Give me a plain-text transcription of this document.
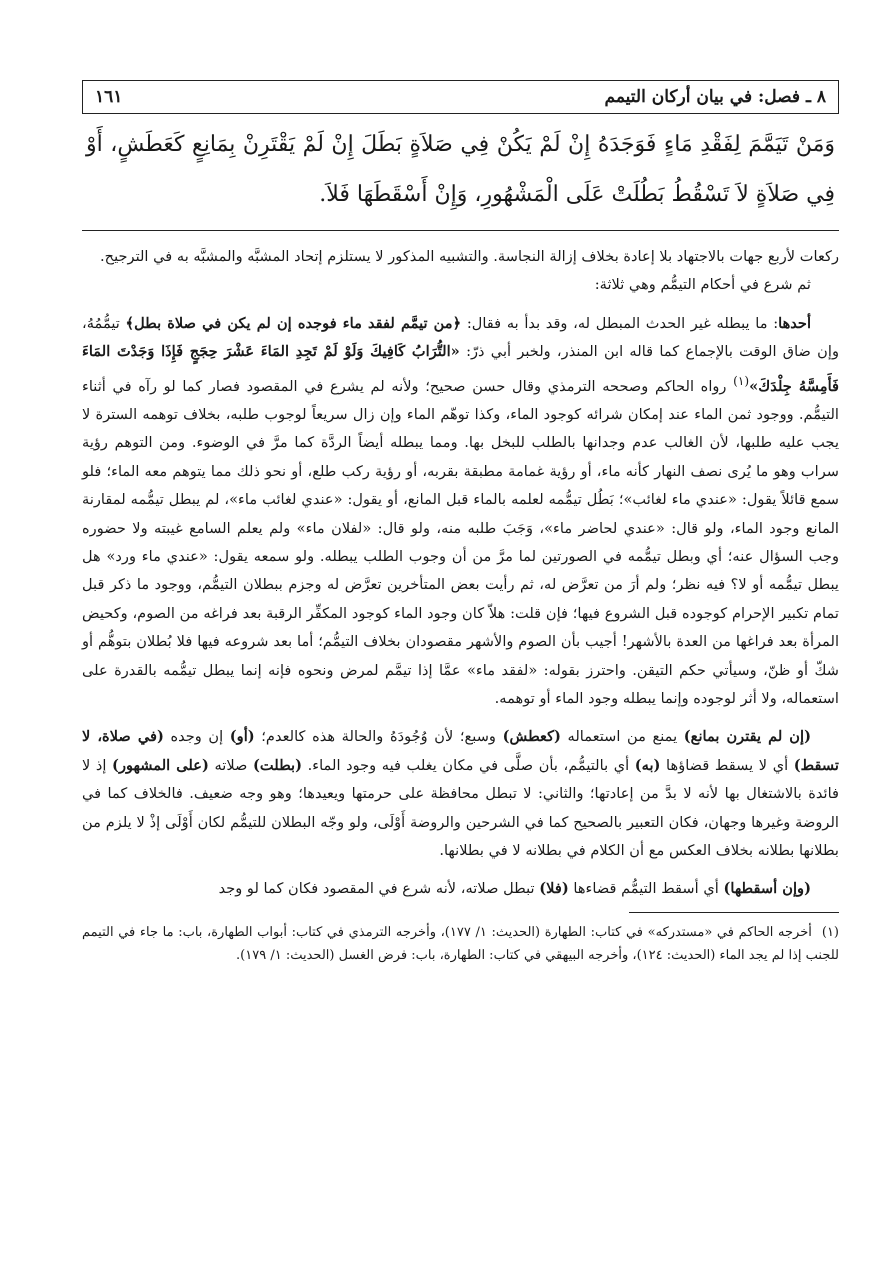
٨ ـ فصل: في بيان أركان التيمم
١٦١
وَمَنْ تَيَمَّمَ لِفَقْدِ مَاءٍ فَوَجَدَهُ إِنْ لَمْ يَكُنْ فِي صَلاَةٍ بَطَلَ إِنْ لَمْ يَقْتَرِنْ بِمَانِعٍ كَعَطَشٍ، أَوْ فِي صَلاَةٍ لاَ تَسْقُطُ بَطُلَتْ عَلَى الْمَشْهُورِ، وَإِنْ أَسْقَطَهَا فَلاَ.

ركعات لأربع جهات بالاجتهاد بلا إعادة بخلاف إزالة النجاسة. والتشبيه المذكور لا يستلزم إتحاد المشبَّه والمشبَّه به في الترجيح.

ثم شرع في أحكام التيمُّم وهي ثلاثة:

أحدها: ما يبطله غير الحدث المبطل له، وقد بدأ به فقال: ﴿من تيمَّم لفقد ماء فوجده إن لم يكن في صلاة بطل﴾ تيمُّمُهُ، وإن ضاق الوقت بالإجماع كما قاله ابن المنذر، ولخبر أبي ذرّ: «التُّرَابُ كَافِيكَ وَلَوْ لَمْ تَجِدِ المَاءَ عَشْرَ حِجَجٍ فَإِذَا وَجَدْتَ المَاءَ فَأَمِسَّهُ جِلْدَكَ»$^{(١)}$ رواه الحاكم وصححه الترمذي وقال حسن صحيح؛ ولأنه لم يشرع في المقصود فصار كما لو رآه في أثناء التيمُّم. ووجود ثمن الماء عند إمكان شرائه كوجود الماء، وكذا توهّم الماء وإن زال سريعاً لوجوب طلبه، بخلاف توهمه السترة لا يجب عليه طلبها، لأن الغالب عدم وجدانها بالطلب للبخل بها. ومما يبطله أيضاً الردَّة كما مرَّ في الوضوء. ومن التوهم رؤية سراب وهو ما يُرى نصف النهار كأنه ماء، أو رؤية غمامة مطبقة بقربه، أو رؤية ركب طلع، أو نحو ذلك مما يتوهم معه الماء؛ فلو سمع قائلاً يقول: «عندي ماء لغائب»؛ بَطُل تيمُّمه لعلمه بالماء قبل المانع، أو يقول: «عندي لغائب ماء»، لم يبطل تيمُّمه لمقارنة المانع وجود الماء، ولو قال: «عندي لحاضر ماء»، وَجَبَ طلبه منه، ولو قال: «لفلان ماء» ولم يعلم السامع غيبته ولا حضوره وجب السؤال عنه؛ أي وبطل تيمُّمه في الصورتين لما مرَّ من أن وجوب الطلب يبطله. ولو سمعه يقول: «عندي ماء ورد» هل يبطل تيمُّمه أو لا؟ فيه نظر؛ ولم أرَ من تعرَّض له، ثم رأيت بعض المتأخرين تعرَّض له وجزم ببطلان التيمُّم، ووجود ما ذكر قبل تمام تكبير الإحرام كوجوده قبل الشروع فيها؛ فإن قلت: هلاّ كان وجود الماء كوجود المكفِّر الرقبة بعد فراغه من الصوم، وكحيض المرأة بعد فراغها من العدة بالأشهر! أجيب بأن الصوم والأشهر مقصودان بخلاف التيمُّم؛ أما بعد شروعه فيها فلا بُطلان بتوهُّم أو شكّ أو ظنّ، وسيأتي حكم التيقن. واحترز بقوله: «لفقد ماء» عمَّا إذا تيمَّم لمرض ونحوه فإنه إنما يبطل تيمُّمه بالقدرة على استعماله، ولا أثر لوجوده وإنما يبطله وجود الماء أو توهمه.

(إن لم يقترن بمانع) يمنع من استعماله (كعطش) وسبع؛ لأن وُجُودَهُ والحالة هذه كالعدم؛ (أو) إن وجده (في صلاة، لا تسقط) أي لا يسقط قضاؤها (به) أي بالتيمُّم، بأن صلَّى في مكان يغلب فيه وجود الماء. (بطلت) صلاته (على المشهور) إذ لا فائدة بالاشتغال بها لأنه لا بدَّ من إعادتها؛ والثاني: لا تبطل محافظة على حرمتها ويعيدها؛ وهو وجه ضعيف. فالخلاف كما في الروضة وغيرها وجهان، فكان التعبير بالصحيح كما في الشرحين والروضة أَوْلَى، ولو وجّه البطلان للتيمُّم لكان أَوْلَى إذْ لا يلزم من بطلانها بطلانه بخلاف العكس مع أن الكلام في بطلانه لا في بطلانها.

(وإن أسقطها) أي أسقط التيمُّم قضاءها (فلا) تبطل صلاته، لأنه شرع في المقصود فكان كما لو وجد

(١)أخرجه الحاكم في «مستدركه» في كتاب: الطهارة (الحديث: ١/ ١٧٧)، وأخرجه الترمذي في كتاب: أبواب الطهارة، باب: ما جاء في التيمم للجنب إذا لم يجد الماء (الحديث: ١٢٤)، وأخرجه البيهقي في كتاب: الطهارة، باب: فرض الغسل (الحديث: ١/ ١٧٩).
